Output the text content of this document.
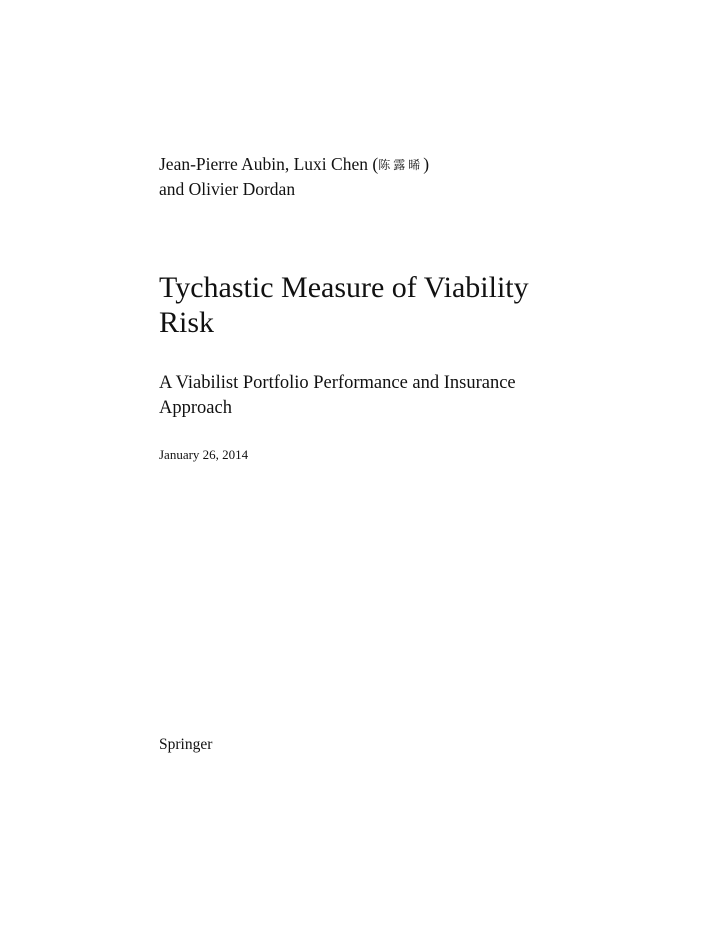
Jean-Pierre Aubin, Luxi Chen (陈露晞)
and Olivier Dordan
Tychastic Measure of Viability
Risk
A Viabilist Portfolio Performance and Insurance
Approach
January 26, 2014
Springer
